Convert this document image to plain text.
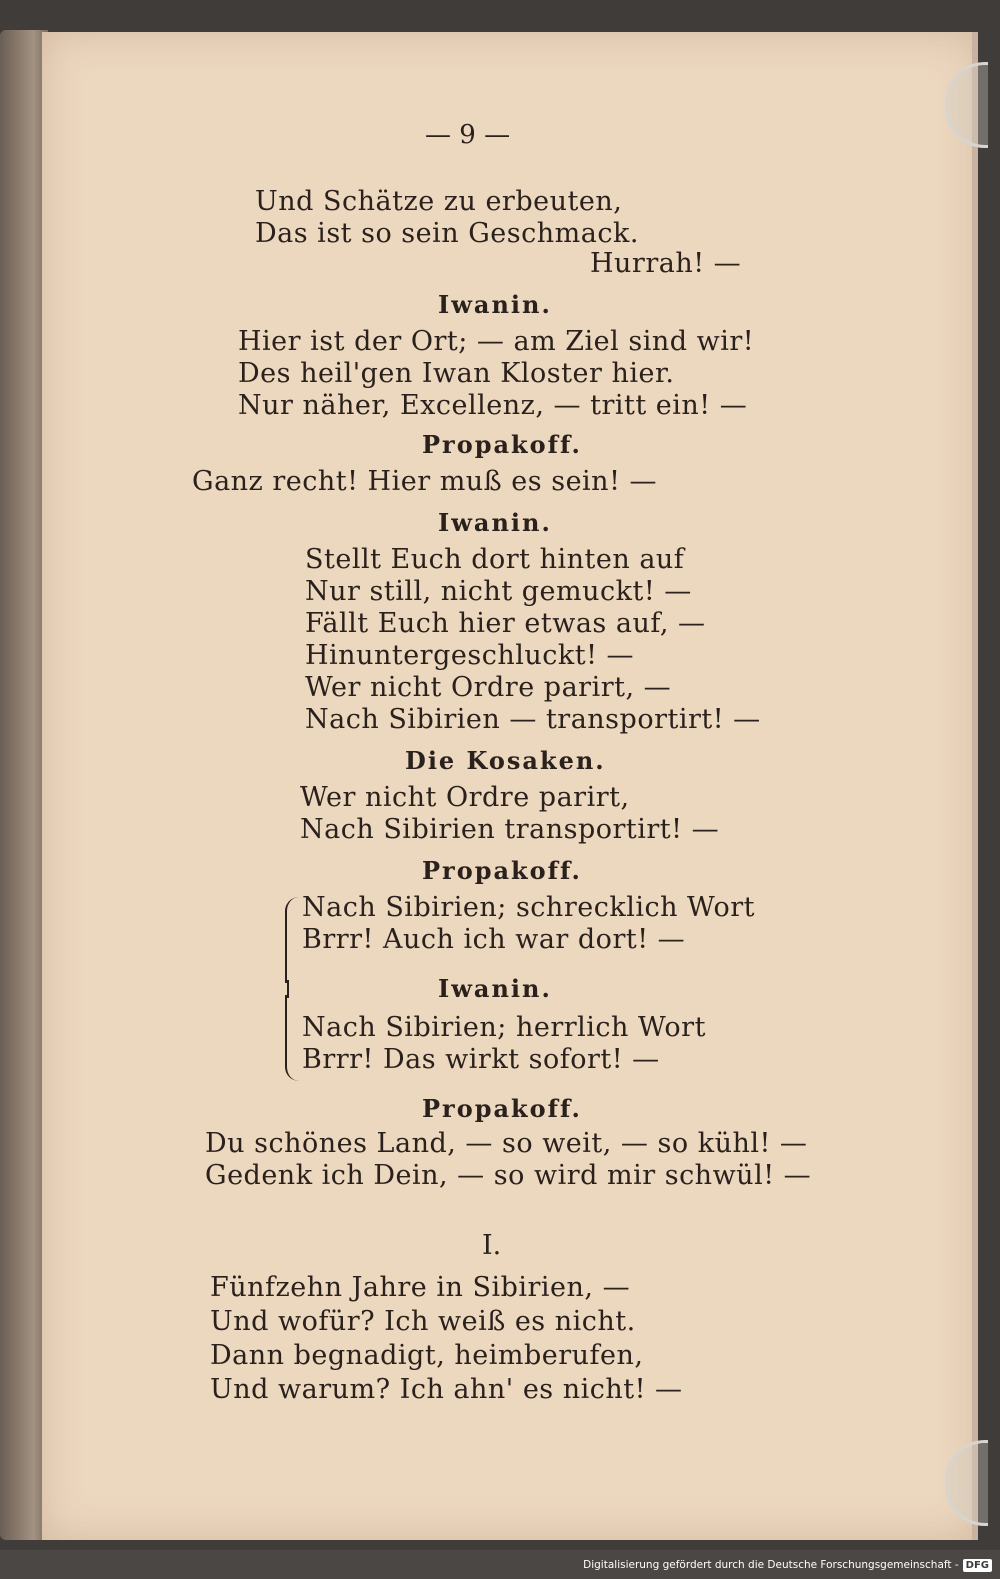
— 9 —
Und Schätze zu erbeuten,
Das ist so sein Geschmack.
Hurrah! —
Iwanin.
Hier ist der Ort; — am Ziel sind wir!
Des heil'gen Iwan Kloster hier.
Nur näher, Excellenz, — tritt ein! —
Propakoff.
Ganz recht! Hier muß es sein! —
Iwanin.
Stellt Euch dort hinten auf
Nur still, nicht gemuckt! —
Fällt Euch hier etwas auf, —
Hinuntergeschluckt! —
Wer nicht Ordre parirt, —
Nach Sibirien — transportirt! —
Die Kosaken.
Wer nicht Ordre parirt,
Nach Sibirien transportirt! —
Propakoff.
Nach Sibirien; schrecklich Wort
Brrr! Auch ich war dort! —
Iwanin.
Nach Sibirien; herrlich Wort
Brrr! Das wirkt sofort! —
Propakoff.
Du schönes Land, — so weit, — so kühl! —
Gedenk ich Dein, — so wird mir schwül! —
I.
Fünfzehn Jahre in Sibirien, —
Und wofür? Ich weiß es nicht.
Dann begnadigt, heimberufen,
Und warum? Ich ahn' es nicht! —
Digitalisierung gefördert durch die Deutsche Forschungsgemeinschaft - DFG
